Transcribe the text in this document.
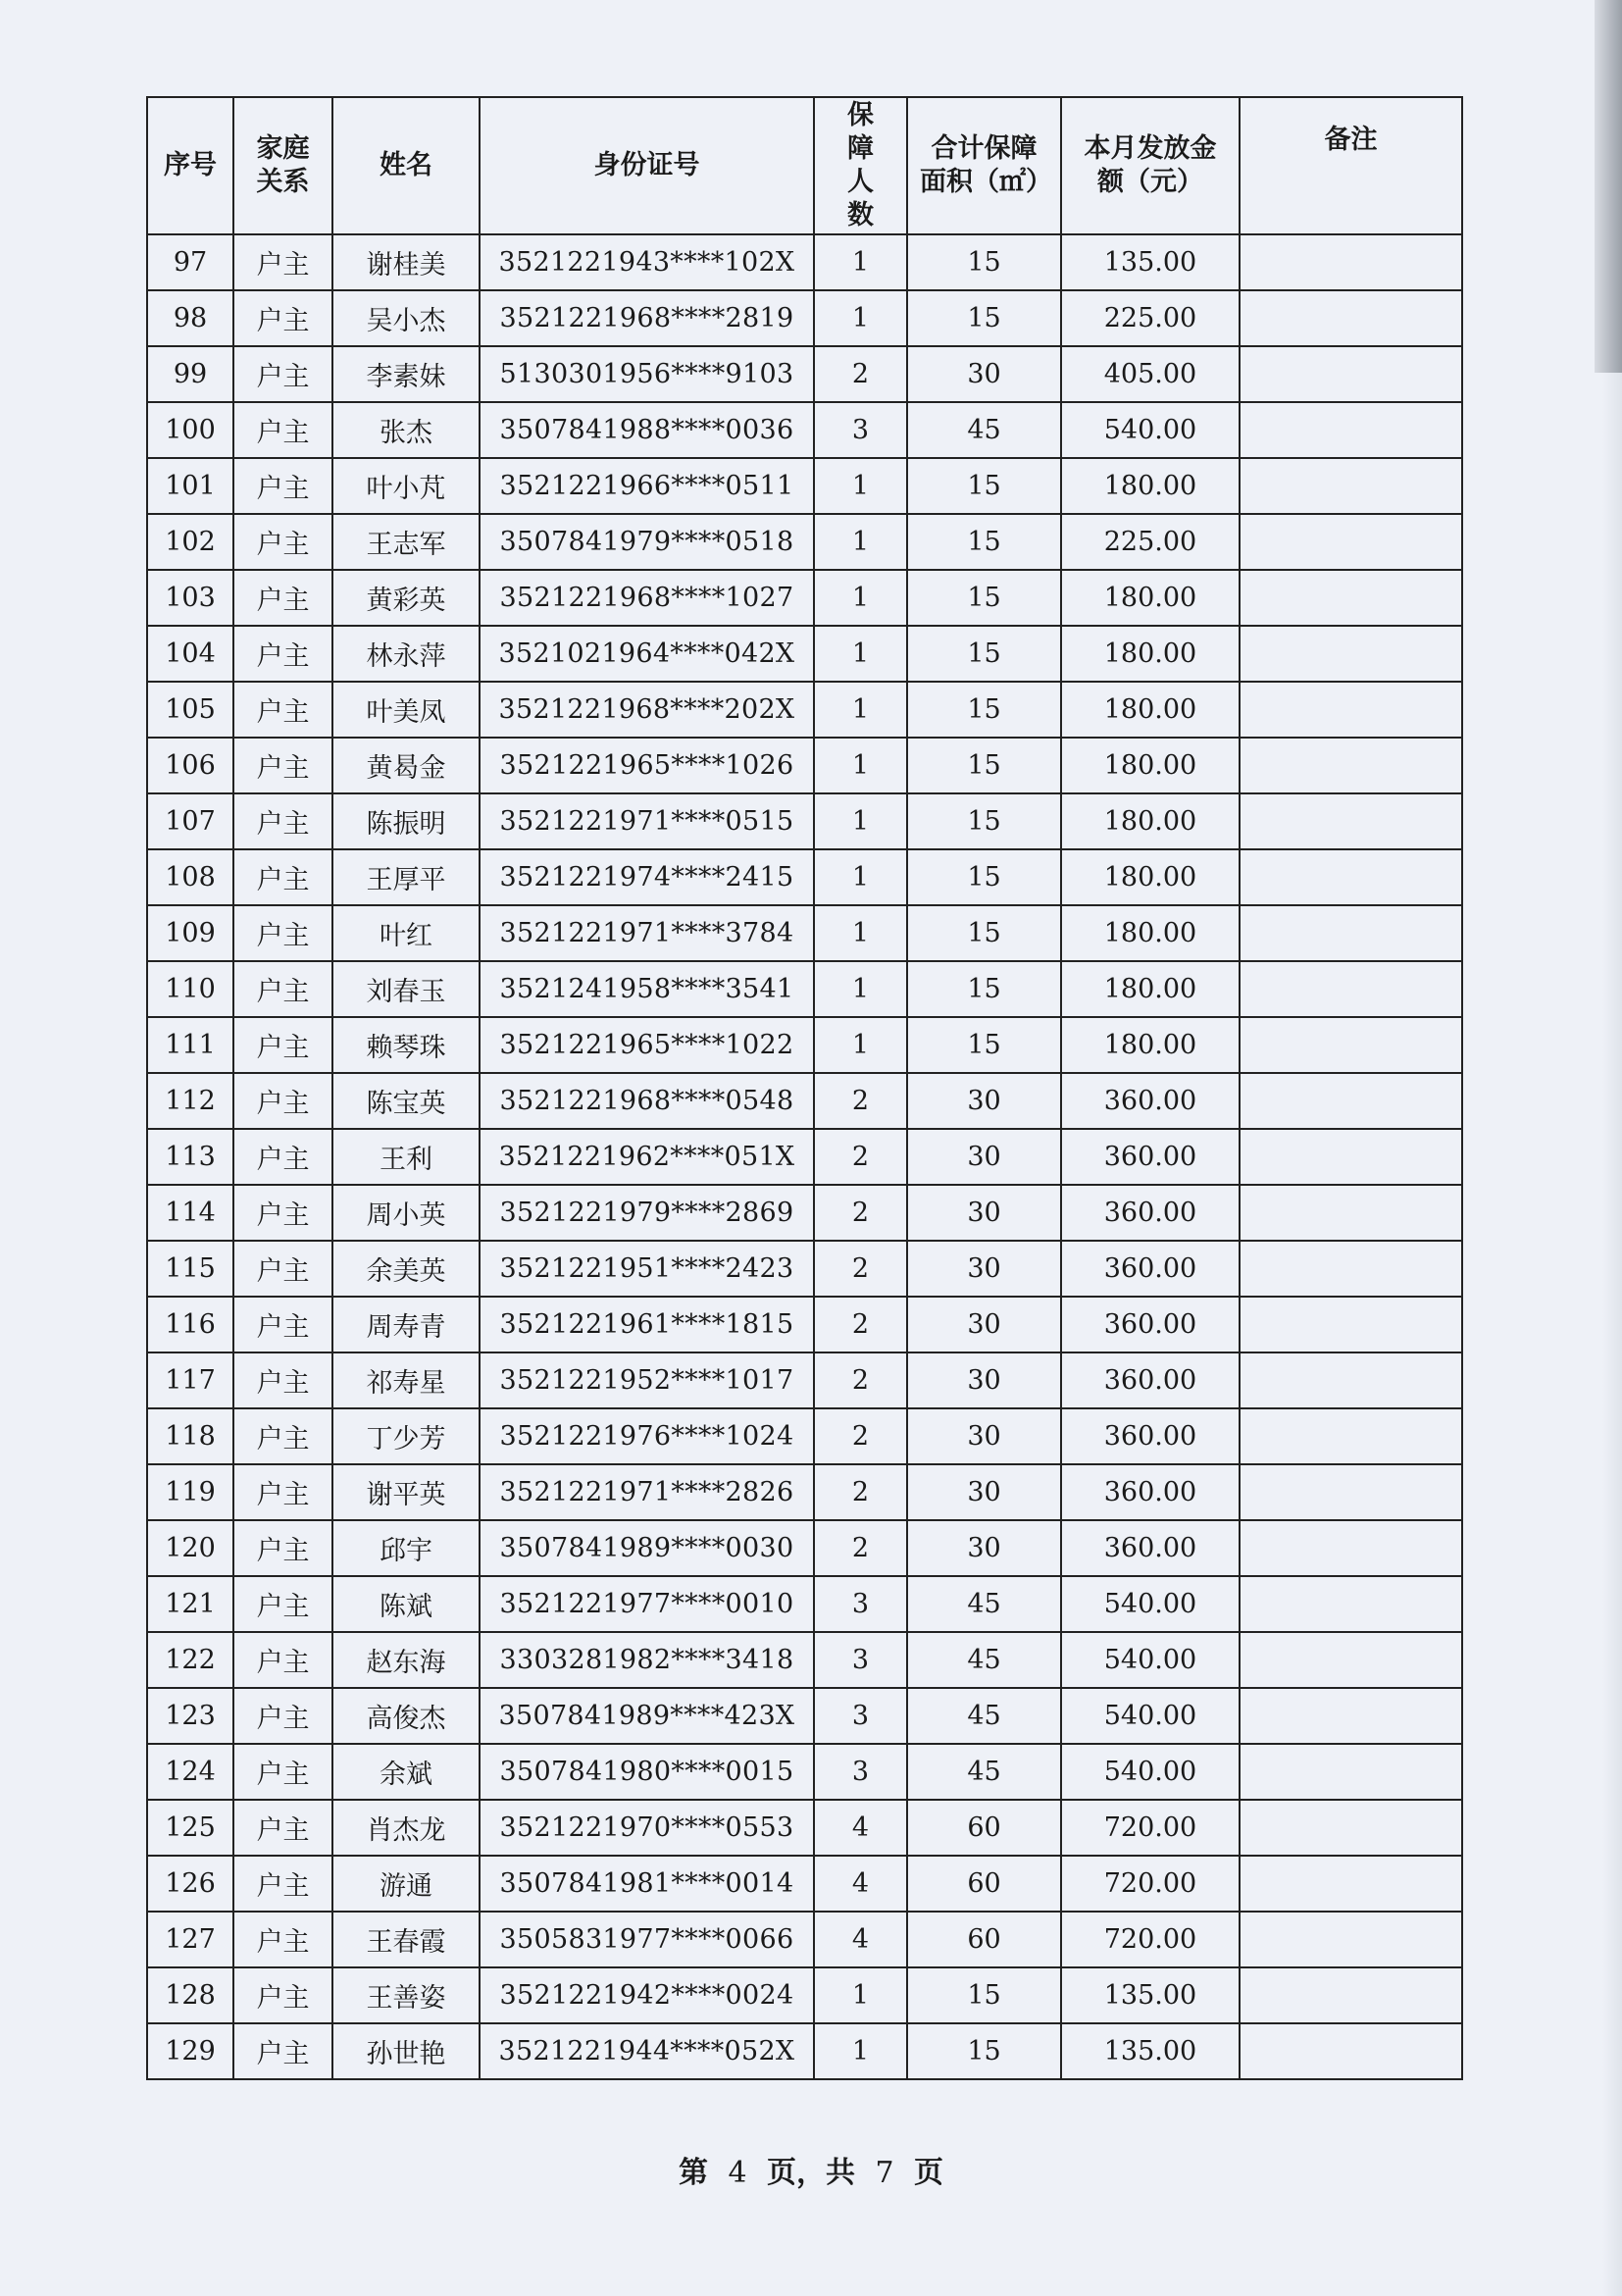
序号	家庭关系	姓名	身份证号	保障人数	合计保障面积（㎡）	本月发放金额（元）	备注
97	户主	谢桂美	3521221943****102X	1	15	135.00	
98	户主	吴小杰	3521221968****2819	1	15	225.00	
99	户主	李素妹	5130301956****9103	2	30	405.00	
100	户主	张杰	3507841988****0036	3	45	540.00	
101	户主	叶小芃	3521221966****0511	1	15	180.00	
102	户主	王志军	3507841979****0518	1	15	225.00	
103	户主	黄彩英	3521221968****1027	1	15	180.00	
104	户主	林永萍	3521021964****042X	1	15	180.00	
105	户主	叶美凤	3521221968****202X	1	15	180.00	
106	户主	黄曷金	3521221965****1026	1	15	180.00	
107	户主	陈振明	3521221971****0515	1	15	180.00	
108	户主	王厚平	3521221974****2415	1	15	180.00	
109	户主	叶红	3521221971****3784	1	15	180.00	
110	户主	刘春玉	3521241958****3541	1	15	180.00	
111	户主	赖琴珠	3521221965****1022	1	15	180.00	
112	户主	陈宝英	3521221968****0548	2	30	360.00	
113	户主	王利	3521221962****051X	2	30	360.00	
114	户主	周小英	3521221979****2869	2	30	360.00	
115	户主	余美英	3521221951****2423	2	30	360.00	
116	户主	周寿青	3521221961****1815	2	30	360.00	
117	户主	祁寿星	3521221952****1017	2	30	360.00	
118	户主	丁少芳	3521221976****1024	2	30	360.00	
119	户主	谢平英	3521221971****2826	2	30	360.00	
120	户主	邱宇	3507841989****0030	2	30	360.00	
121	户主	陈斌	3521221977****0010	3	45	540.00	
122	户主	赵东海	3303281982****3418	3	45	540.00	
123	户主	高俊杰	3507841989****423X	3	45	540.00	
124	户主	余斌	3507841980****0015	3	45	540.00	
125	户主	肖杰龙	3521221970****0553	4	60	720.00	
126	户主	游通	3507841981****0014	4	60	720.00	
127	户主	王春霞	3505831977****0066	4	60	720.00	
128	户主	王善姿	3521221942****0024	1	15	135.00	
129	户主	孙世艳	3521221944****052X	1	15	135.00	
第 4 页，共 7 页
